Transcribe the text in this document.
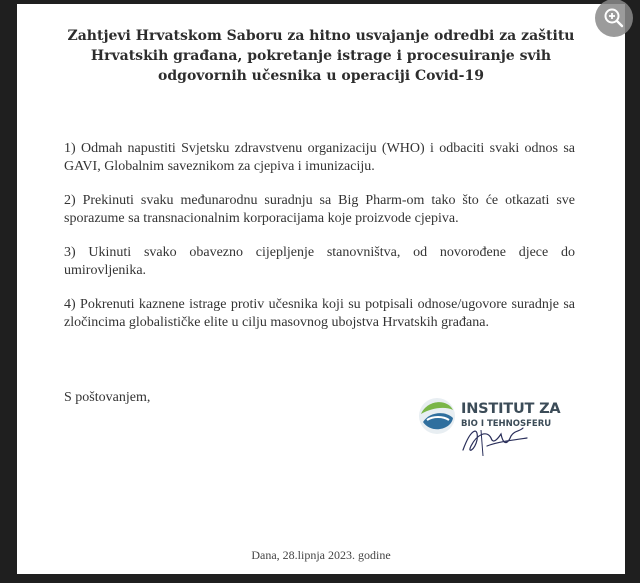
Zahtjevi Hrvatskom Saboru za hitno usvajanje odredbi za zaštitu
Hrvatskih građana, pokretanje istrage i procesuiranje svih
odgovornih učesnika u operaciji Covid-19
1) Odmah napustiti Svjetsku zdravstvenu organizaciju (WHO) i odbaciti svaki odnos sa GAVI, Globalnim saveznikom za cjepiva i imunizaciju.
2) Prekinuti svaku međunarodnu suradnju sa Big Pharm-om tako što će otkazati sve sporazume sa transnacionalnim korporacijama koje proizvode cjepiva.
3) Ukinuti svako obavezno cijepljenje stanovništva, od novorođene djece do umirovljenika.
4) Pokrenuti kaznene istrage protiv učesnika koji su potpisali odnose/ugovore suradnje sa zločincima globalističke elite u cilju masovnog ubojstva Hrvatskih građana.
S poštovanjem,
INSTITUT ZA
BIO I TEHNOSFERU
Dana, 28.lipnja 2023. godine
